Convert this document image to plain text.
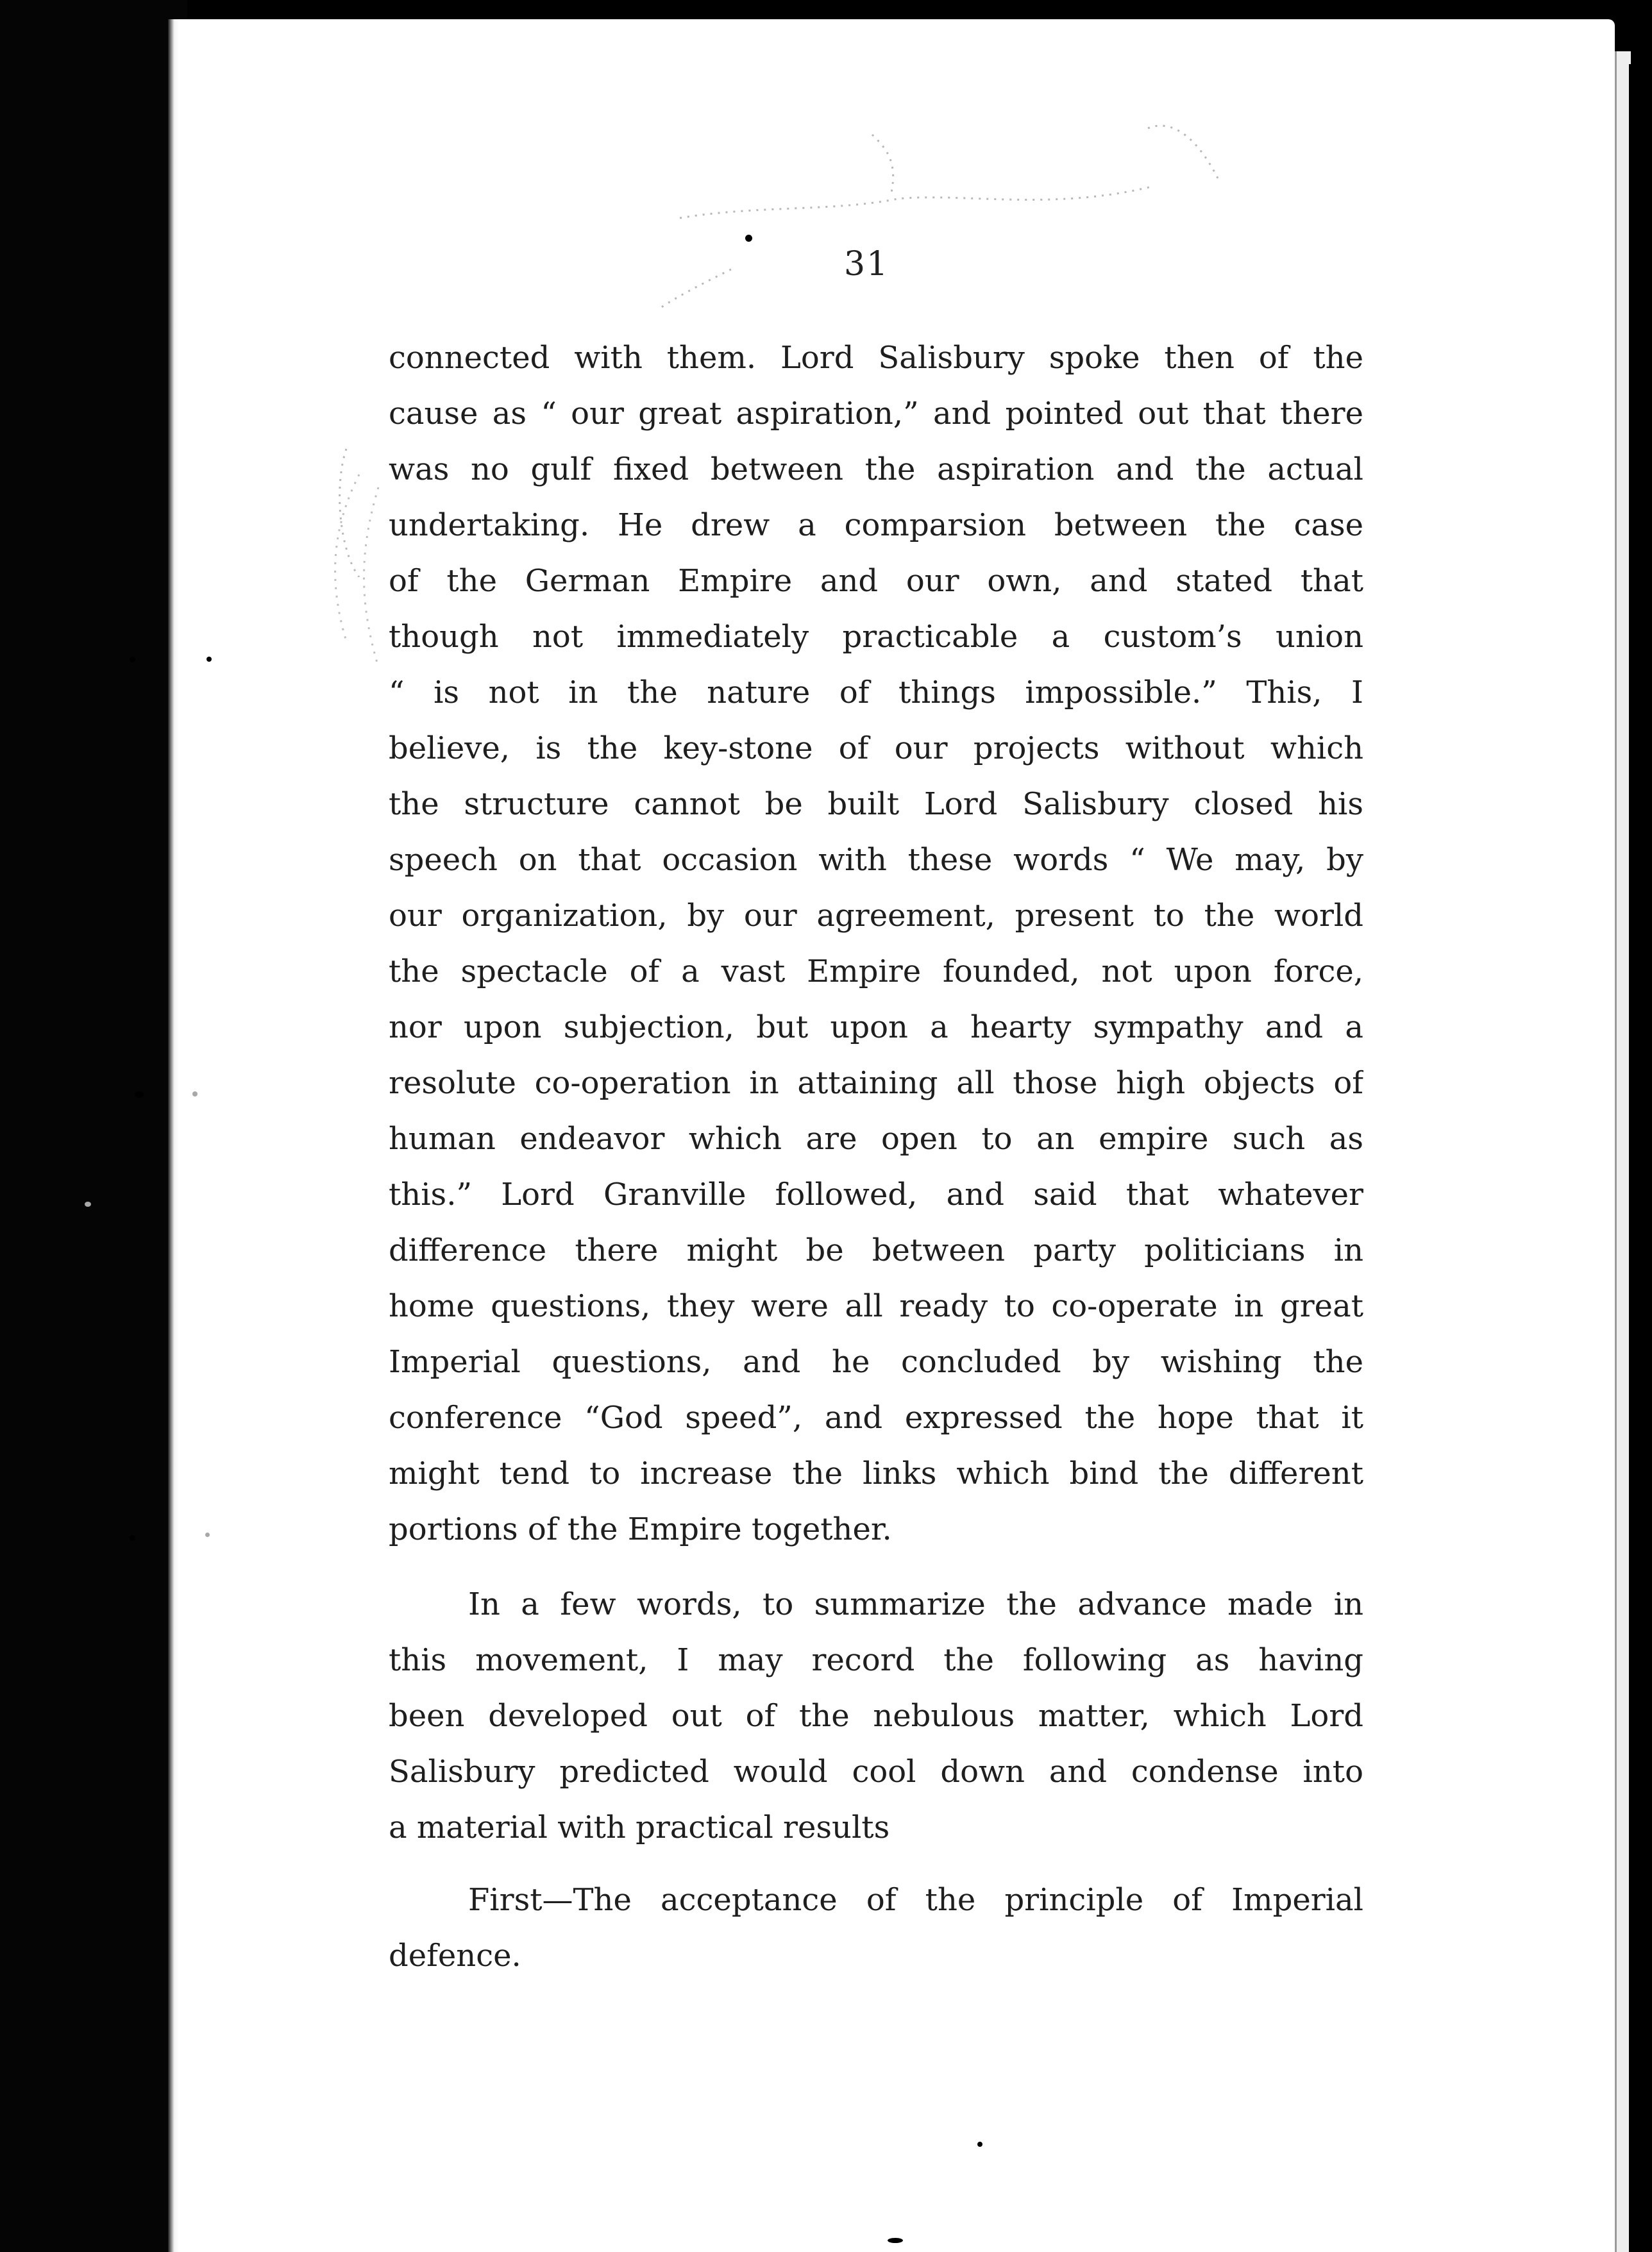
31
connected with them. Lord Salisbury spoke then of the
cause as “ our great aspiration,” and pointed out that there
was no gulf fixed between the aspiration and the actual
undertaking. He drew a comparsion between the case
of the German Empire and our own, and stated that
though not immediately practicable a custom’s union
“ is not in the nature of things impossible.” This, I
believe, is the key-stone of our projects without which
the structure cannot be built Lord Salisbury closed his
speech on that occasion with these words “ We may, by
our organization, by our agreement, present to the world
the spectacle of a vast Empire founded, not upon force,
nor upon subjection, but upon a hearty sympathy and a
resolute co-operation in attaining all those high objects of
human endeavor which are open to an empire such as
this.” Lord Granville followed, and said that whatever
difference there might be between party politicians in
home questions, they were all ready to co-operate in great
Imperial questions, and he concluded by wishing the
conference “God speed”, and expressed the hope that it
might tend to increase the links which bind the different
portions of the Empire together.
In a few words, to summarize the advance made in
this movement, I may record the following as having
been developed out of the nebulous matter, which Lord
Salisbury predicted would cool down and condense into
a material with practical results
First—The acceptance of the principle of Imperial
defence.
